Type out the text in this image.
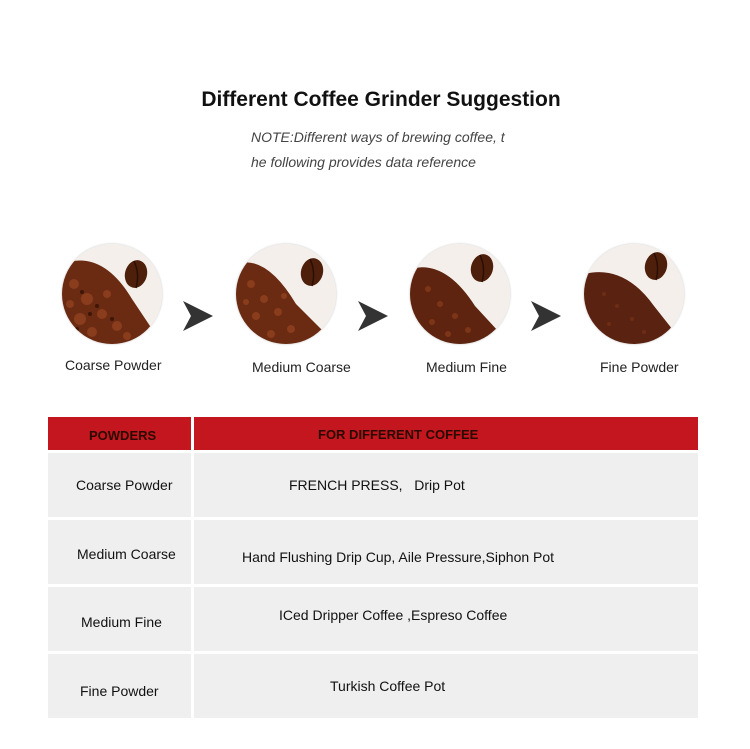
Different Coffee Grinder Suggestion
NOTE:Different ways of brewing coffee, t
he following provides data reference
Coarse Powder	Medium Coarse	Medium Fine	Fine Powder
POWDERS	FOR DIFFERENT COFFEE
Coarse Powder	FRENCH PRESS,   Drip Pot
Medium Coarse	Hand Flushing Drip Cup, Aile Pressure,Siphon Pot
Medium Fine	ICed Dripper Coffee ,Espreso Coffee
Fine Powder	Turkish Coffee Pot
